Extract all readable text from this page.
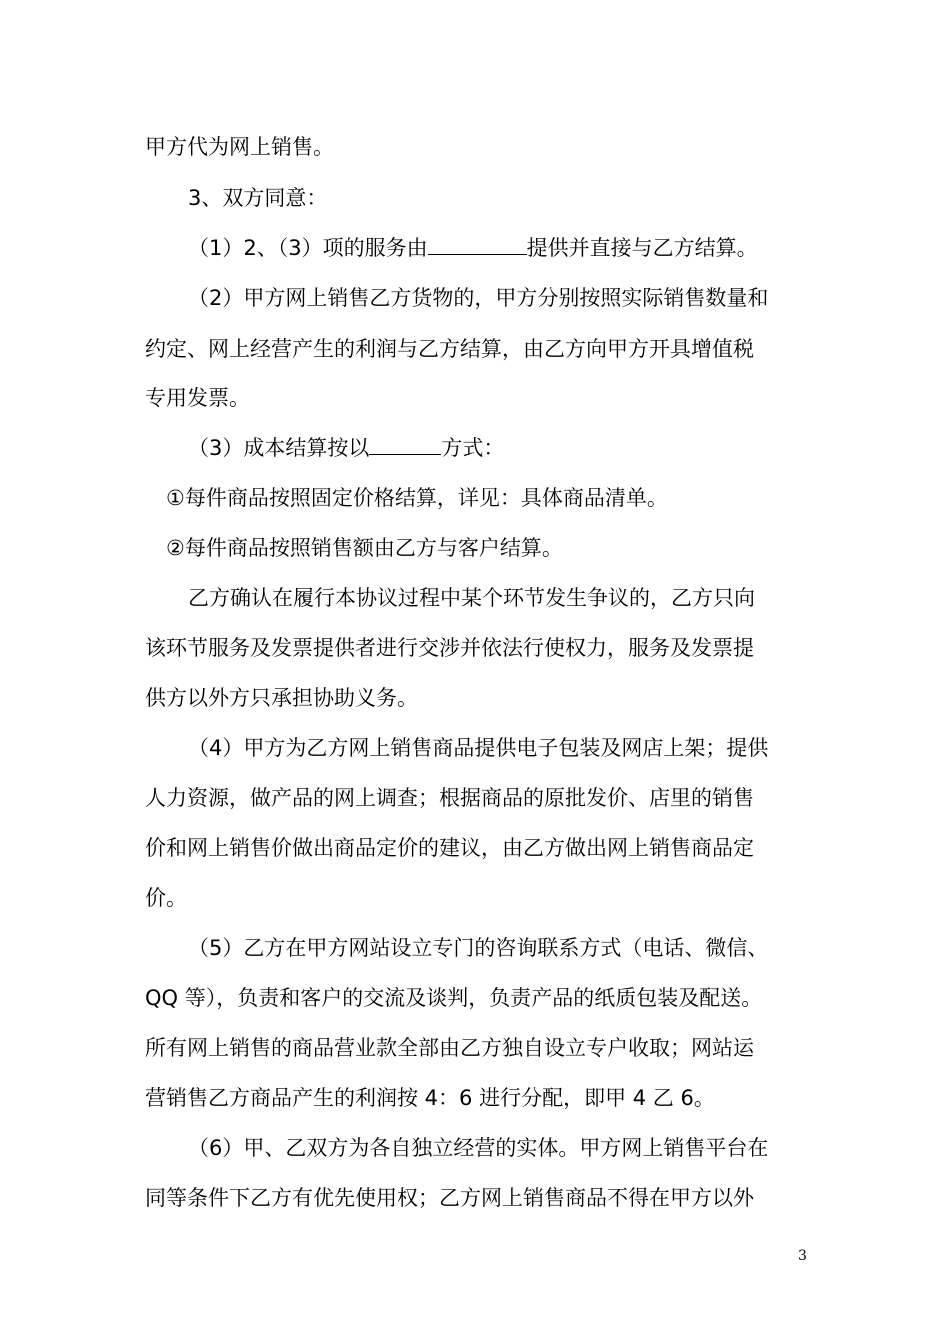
甲方代为网上销售。
3、双方同意：
（1）2、（3）项的服务由	提供并直接与乙方结算。
（2）甲方网上销售乙方货物的，甲方分别按照实际销售数量和
约定、网上经营产生的利润与乙方结算，由乙方向甲方开具增值税
专用发票。
（3）成本结算按以	方式：
①每件商品按照固定价格结算，详见：具体商品清单。
②每件商品按照销售额由乙方与客户结算。
乙方确认在履行本协议过程中某个环节发生争议的，乙方只向
该环节服务及发票提供者进行交涉并依法行使权力，服务及发票提
供方以外方只承担协助义务。
（4）甲方为乙方网上销售商品提供电子包装及网店上架；提供
人力资源，做产品的网上调查；根据商品的原批发价、店里的销售
价和网上销售价做出商品定价的建议，由乙方做出网上销售商品定
价。
（5）乙方在甲方网站设立专门的咨询联系方式（电话、微信、
QQ 等），负责和客户的交流及谈判，负责产品的纸质包装及配送。
所有网上销售的商品营业款全部由乙方独自设立专户收取；网站运
营销售乙方商品产生的利润按 4：6 进行分配，即甲 4 乙 6。
（6）甲、乙双方为各自独立经营的实体。甲方网上销售平台在
同等条件下乙方有优先使用权；乙方网上销售商品不得在甲方以外
3
